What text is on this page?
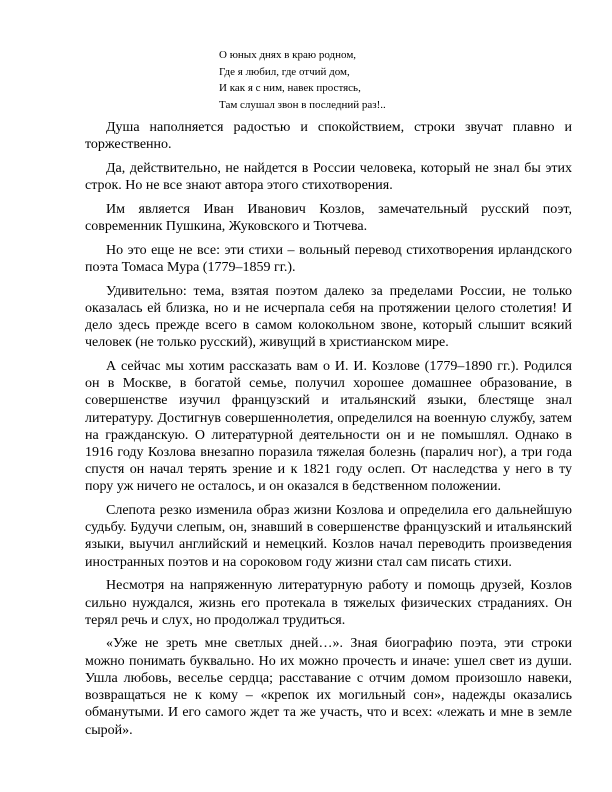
О юных днях в краю родном,
Где я любил, где отчий дом,
И как я с ним, навек простясь,
Там слушал звон в последний раз!..

Душа наполняется радостью и спокойствием, строки звучат плавно и торжественно.

Да, действительно, не найдется в России человека, который не знал бы этих строк. Но не все знают автора этого стихотворения.

Им является Иван Иванович Козлов, замечательный русский поэт, современник Пушкина, Жуковского и Тютчева.

Но это еще не все: эти стихи – вольный перевод стихотворения ирландского поэта Томаса Мура (1779–1859 гг.).

Удивительно: тема, взятая поэтом далеко за пределами России, не только оказалась ей близка, но и не исчерпала себя на протяжении целого столетия! И дело здесь прежде всего в самом колокольном звоне, который слышит всякий человек (не только русский), живущий в христианском мире.

А сейчас мы хотим рассказать вам о И. И. Козлове (1779–1890 гг.). Родился он в Москве, в богатой семье, получил хорошее домашнее образование, в совершенстве изучил французский и итальянский языки, блестяще знал литературу. Достигнув совершеннолетия, определился на военную службу, затем на гражданскую. О литературной деятельности он и не помышлял. Однако в 1916 году Козлова внезапно поразила тяжелая болезнь (паралич ног), а три года спустя он начал терять зрение и к 1821 году ослеп. От наследства у него в ту пору уж ничего не осталось, и он оказался в бедственном положении.

Слепота резко изменила образ жизни Козлова и определила его дальнейшую судьбу. Будучи слепым, он, знавший в совершенстве французский и итальянский языки, выучил английский и немецкий. Козлов начал переводить произведения иностранных поэтов и на сороковом году жизни стал сам писать стихи.

Несмотря на напряженную литературную работу и помощь друзей, Козлов сильно нуждался, жизнь его протекала в тяжелых физических страданиях. Он терял речь и слух, но продолжал трудиться.

«Уже не зреть мне светлых дней…». Зная биографию поэта, эти строки можно понимать буквально. Но их можно прочесть и иначе: ушел свет из души. Ушла любовь, веселье сердца; расставание с отчим домом произошло навеки, возвращаться не к кому – «крепок их могильный сон», надежды оказались обманутыми. И его самого ждет та же участь, что и всех: «лежать и мне в земле сырой».
